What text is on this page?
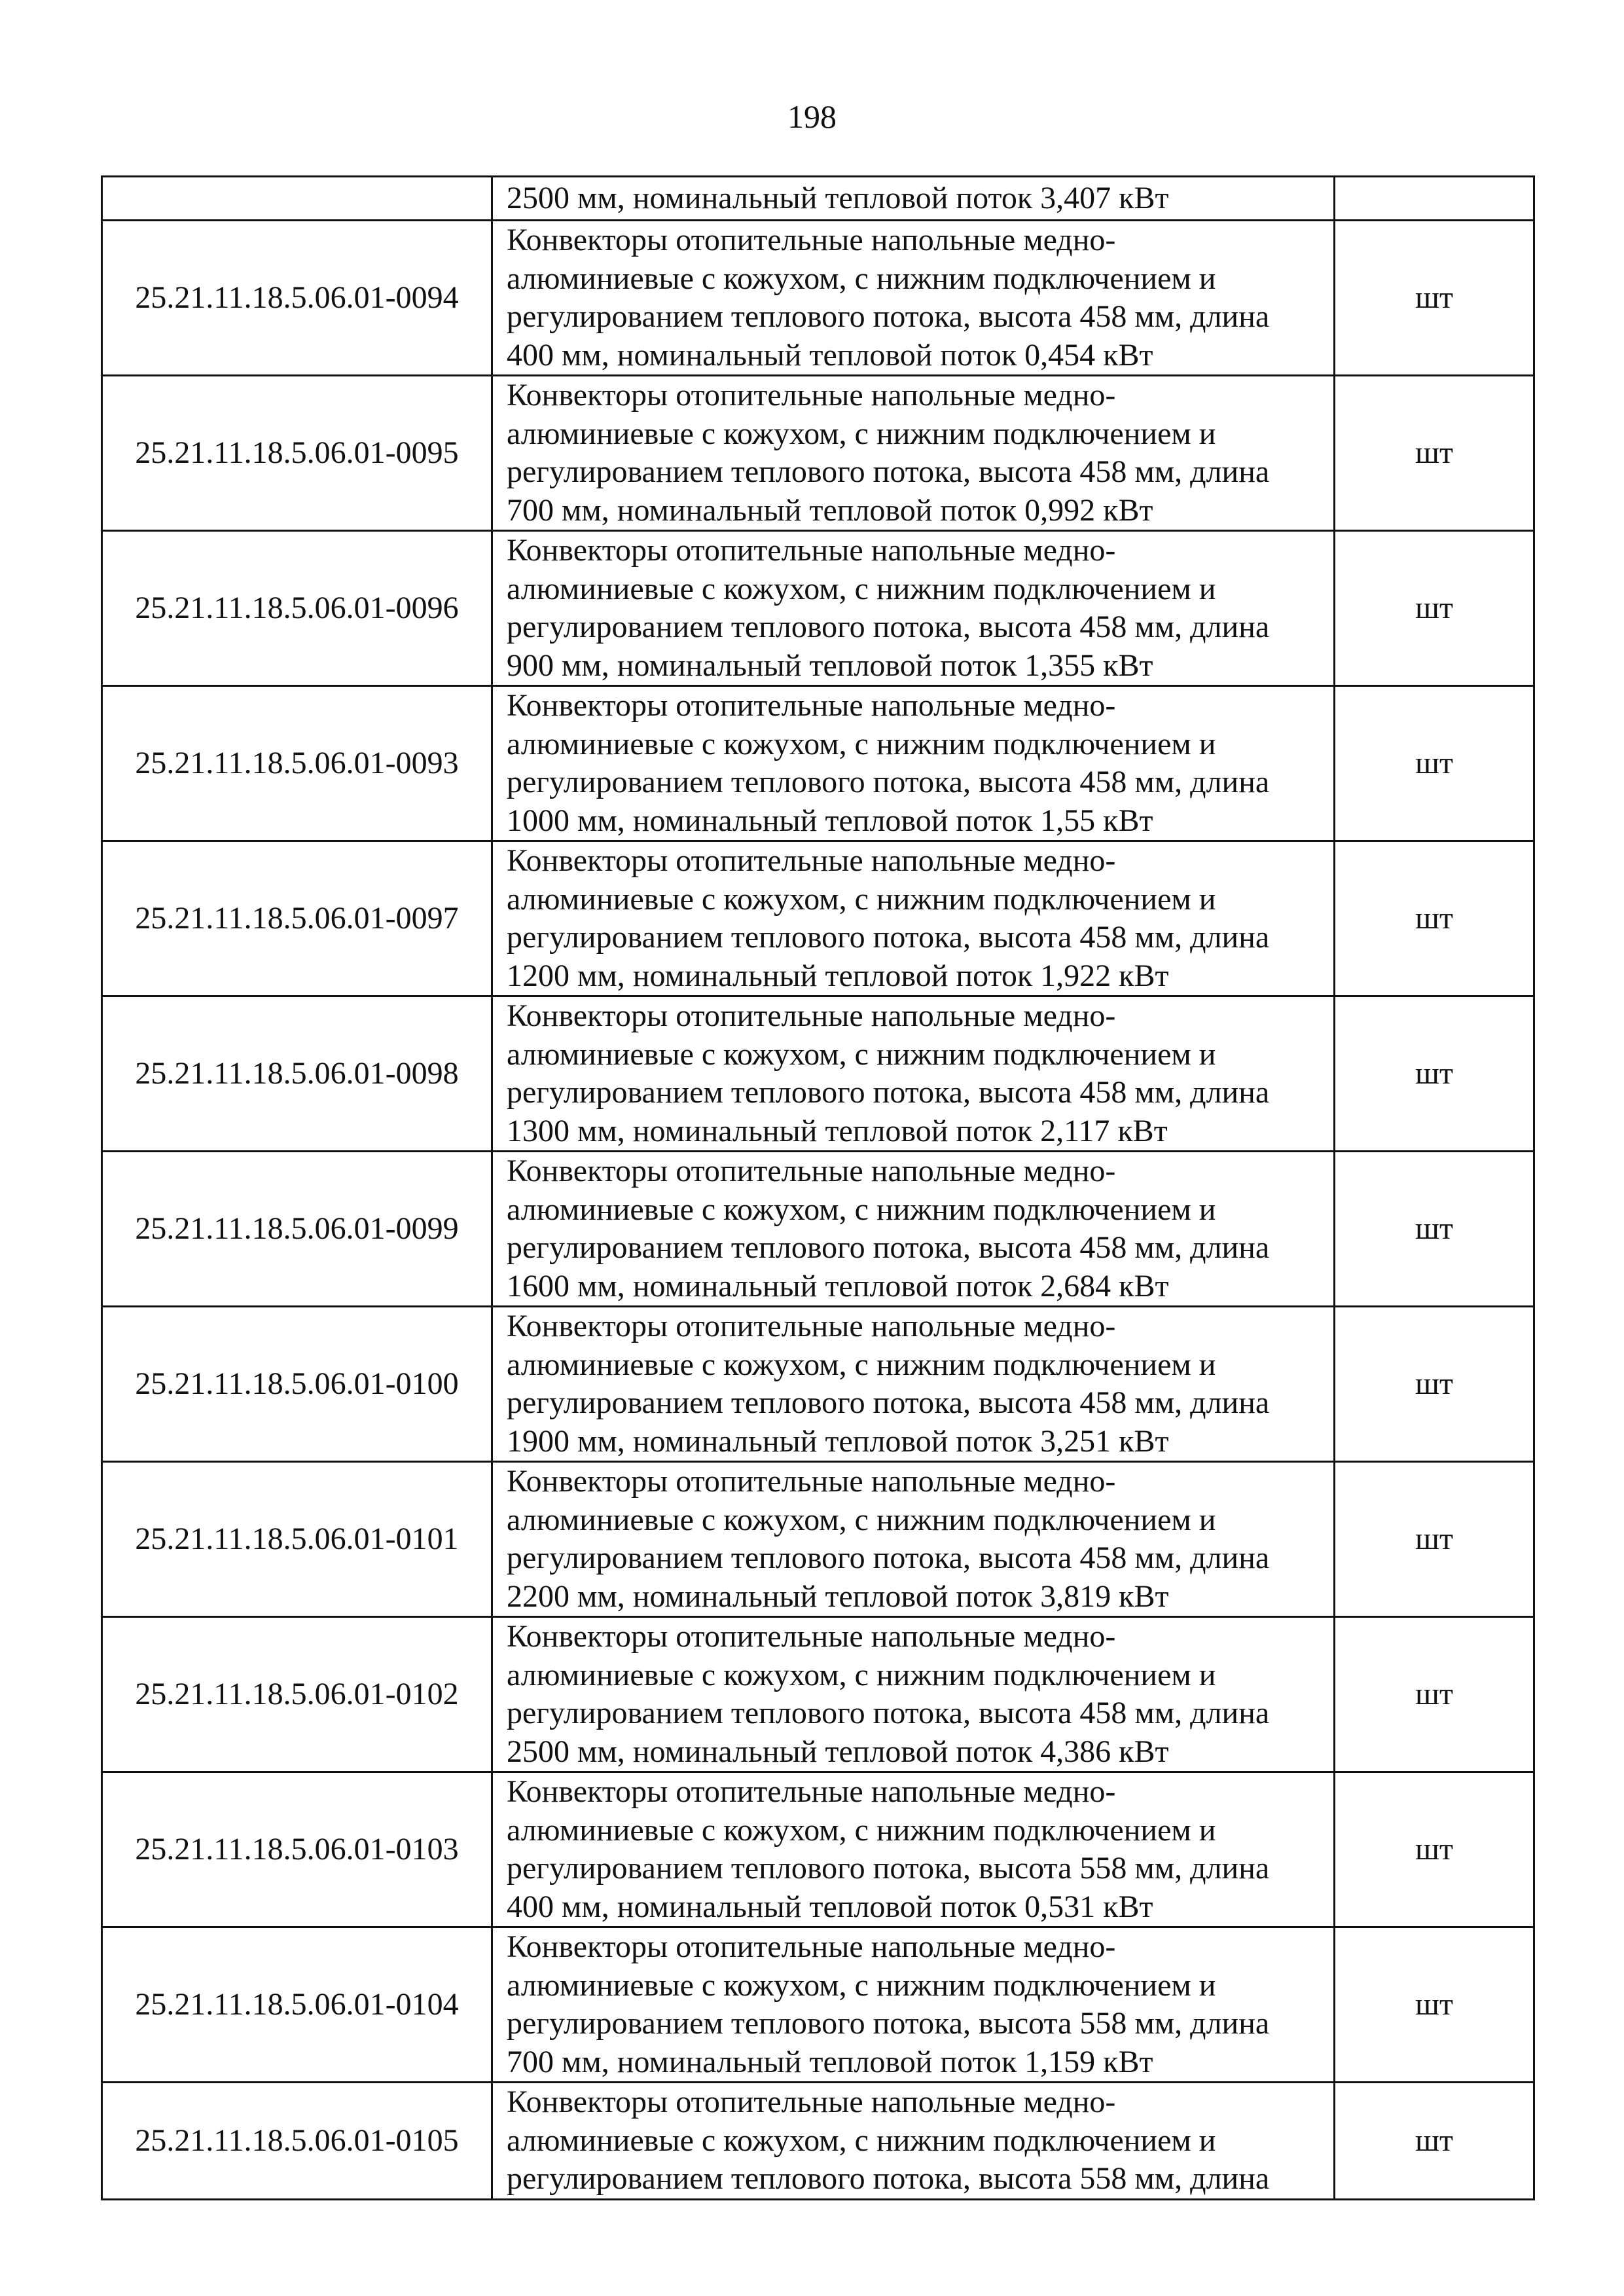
198
	2500 мм, номинальный тепловой поток 3,407 кВт	
25.21.11.18.5.06.01-0094	Конвекторы отопительные напольные медно-
алюминиевые с кожухом, с нижним подключением и
регулированием теплового потока, высота 458 мм, длина
400 мм, номинальный тепловой поток 0,454 кВт	шт
25.21.11.18.5.06.01-0095	Конвекторы отопительные напольные медно-
алюминиевые с кожухом, с нижним подключением и
регулированием теплового потока, высота 458 мм, длина
700 мм, номинальный тепловой поток 0,992 кВт	шт
25.21.11.18.5.06.01-0096	Конвекторы отопительные напольные медно-
алюминиевые с кожухом, с нижним подключением и
регулированием теплового потока, высота 458 мм, длина
900 мм, номинальный тепловой поток 1,355 кВт	шт
25.21.11.18.5.06.01-0093	Конвекторы отопительные напольные медно-
алюминиевые с кожухом, с нижним подключением и
регулированием теплового потока, высота 458 мм, длина
1000 мм, номинальный тепловой поток 1,55 кВт	шт
25.21.11.18.5.06.01-0097	Конвекторы отопительные напольные медно-
алюминиевые с кожухом, с нижним подключением и
регулированием теплового потока, высота 458 мм, длина
1200 мм, номинальный тепловой поток 1,922 кВт	шт
25.21.11.18.5.06.01-0098	Конвекторы отопительные напольные медно-
алюминиевые с кожухом, с нижним подключением и
регулированием теплового потока, высота 458 мм, длина
1300 мм, номинальный тепловой поток 2,117 кВт	шт
25.21.11.18.5.06.01-0099	Конвекторы отопительные напольные медно-
алюминиевые с кожухом, с нижним подключением и
регулированием теплового потока, высота 458 мм, длина
1600 мм, номинальный тепловой поток 2,684 кВт	шт
25.21.11.18.5.06.01-0100	Конвекторы отопительные напольные медно-
алюминиевые с кожухом, с нижним подключением и
регулированием теплового потока, высота 458 мм, длина
1900 мм, номинальный тепловой поток 3,251 кВт	шт
25.21.11.18.5.06.01-0101	Конвекторы отопительные напольные медно-
алюминиевые с кожухом, с нижним подключением и
регулированием теплового потока, высота 458 мм, длина
2200 мм, номинальный тепловой поток 3,819 кВт	шт
25.21.11.18.5.06.01-0102	Конвекторы отопительные напольные медно-
алюминиевые с кожухом, с нижним подключением и
регулированием теплового потока, высота 458 мм, длина
2500 мм, номинальный тепловой поток 4,386 кВт	шт
25.21.11.18.5.06.01-0103	Конвекторы отопительные напольные медно-
алюминиевые с кожухом, с нижним подключением и
регулированием теплового потока, высота 558 мм, длина
400 мм, номинальный тепловой поток 0,531 кВт	шт
25.21.11.18.5.06.01-0104	Конвекторы отопительные напольные медно-
алюминиевые с кожухом, с нижним подключением и
регулированием теплового потока, высота 558 мм, длина
700 мм, номинальный тепловой поток 1,159 кВт	шт
25.21.11.18.5.06.01-0105	Конвекторы отопительные напольные медно-
алюминиевые с кожухом, с нижним подключением и
регулированием теплового потока, высота 558 мм, длина	шт
